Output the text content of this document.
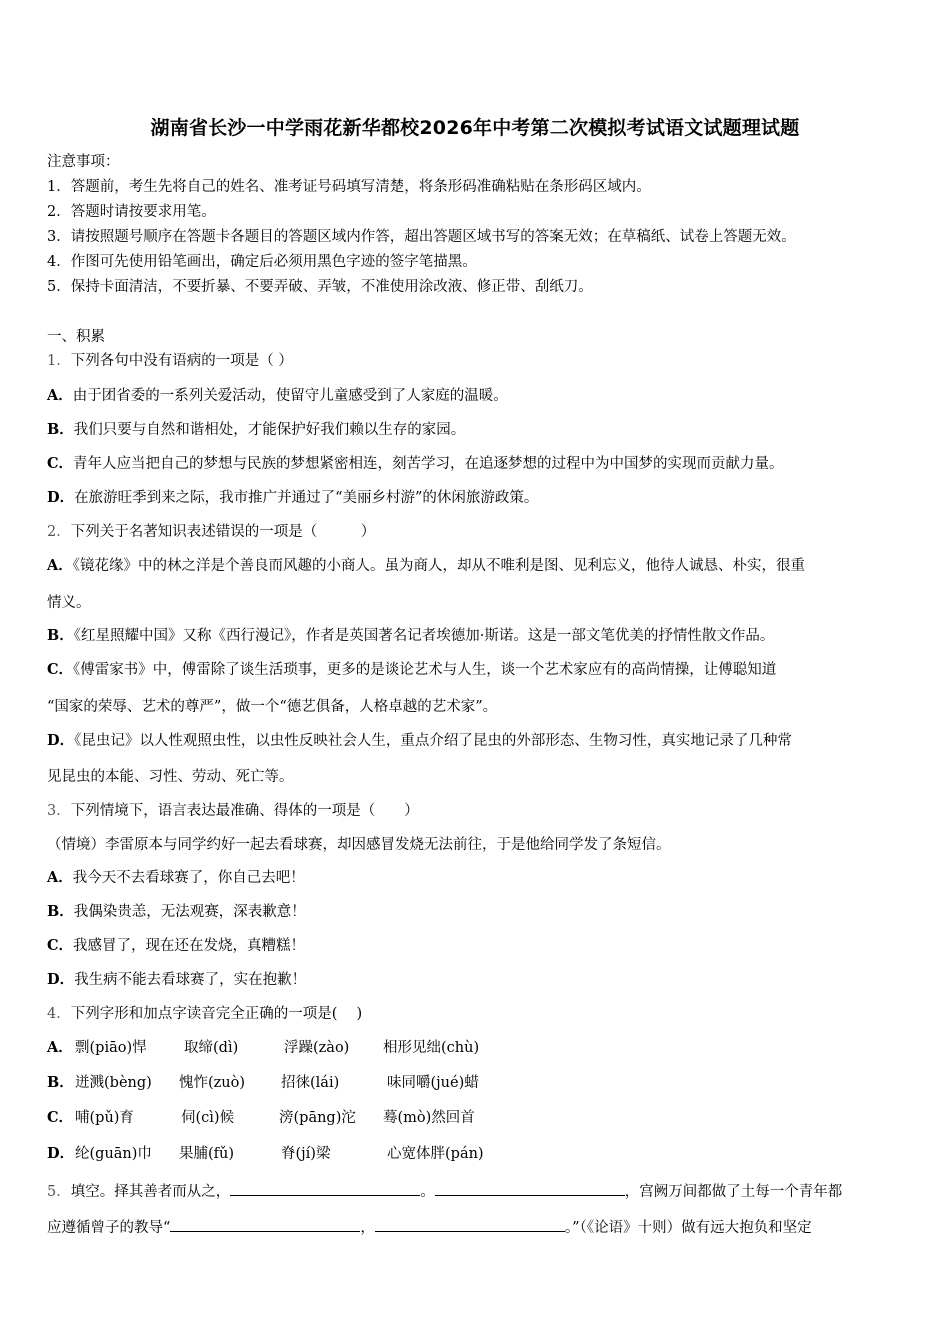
湖南省长沙一中学雨花新华都校2026年中考第二次模拟考试语文试题理试题
注意事项：
1．答题前，考生先将自己的姓名、准考证号码填写清楚，将条形码准确粘贴在条形码区域内。
2．答题时请按要求用笔。
3．请按照题号顺序在答题卡各题目的答题区域内作答，超出答题区域书写的答案无效；在草稿纸、试卷上答题无效。
4．作图可先使用铅笔画出，确定后必须用黑色字迹的签字笔描黑。
5．保持卡面清洁，不要折暴、不要弄破、弄皱，不准使用涂改液、修正带、刮纸刀。
一、积累
1．下列各句中没有语病的一项是（ ）
A．由于团省委的一系列关爱活动，使留守儿童感受到了人家庭的温暖。
B．我们只要与自然和谐相处，才能保护好我们赖以生存的家园。
C．青年人应当把自己的梦想与民族的梦想紧密相连，刻苦学习，在追逐梦想的过程中为中国梦的实现而贡献力量。
D．在旅游旺季到来之际，我市推广并通过了“美丽乡村游”的休闲旅游政策。
2．下列关于名著知识表述错误的一项是（　　　）
A．《镜花缘》中的林之洋是个善良而风趣的小商人。虽为商人，却从不唯利是图、见利忘义，他待人诚恳、朴实，很重
情义。
B．《红星照耀中国》又称《西行漫记》，作者是英国著名记者埃德加·斯诺。这是一部文笔优美的抒情性散文作品。
C．《傅雷家书》中，傅雷除了谈生活琐事，更多的是谈论艺术与人生，谈一个艺术家应有的高尚情操，让傅聪知道
“国家的荣辱、艺术的尊严”，做一个“德艺俱备，人格卓越的艺术家”。
D．《昆虫记》以人性观照虫性，以虫性反映社会人生，重点介绍了昆虫的外部形态、生物习性，真实地记录了几种常
见昆虫的本能、习性、劳动、死亡等。
3．下列情境下，语言表达最准确、得体的一项是（　　）
（情境）李雷原本与同学约好一起去看球赛，却因感冒发烧无法前往，于是他给同学发了条短信。
A．我今天不去看球赛了，你自己去吧！
B．我偶染贵恙，无法观赛，深表歉意！
C．我感冒了，现在还在发烧，真糟糕！
D．我生病不能去看球赛了，实在抱歉！
4．下列字形和加点字读音完全正确的一项是(　 )
A． 剽(piāo)悍	取缔(dì)	浮躁(zào) 相形见绌(chù)
B． 迸溅(bèng) 愧怍(zuò) 招徕(lái)	味同嚼(jué)蜡
C． 哺(pǔ)育	伺(cì)候	滂(pāng)沱 蓦(mò)然回首
D． 纶(guān)巾 果脯(fǔ)	脊(jí)梁	心宽体胖(pán)
5．填空。择其善者而从之，	。	，宫阙万间都做了土每一个青年都
应遵循曾子的教导“	，	。”（《论语》十则）做有远大抱负和坚定
